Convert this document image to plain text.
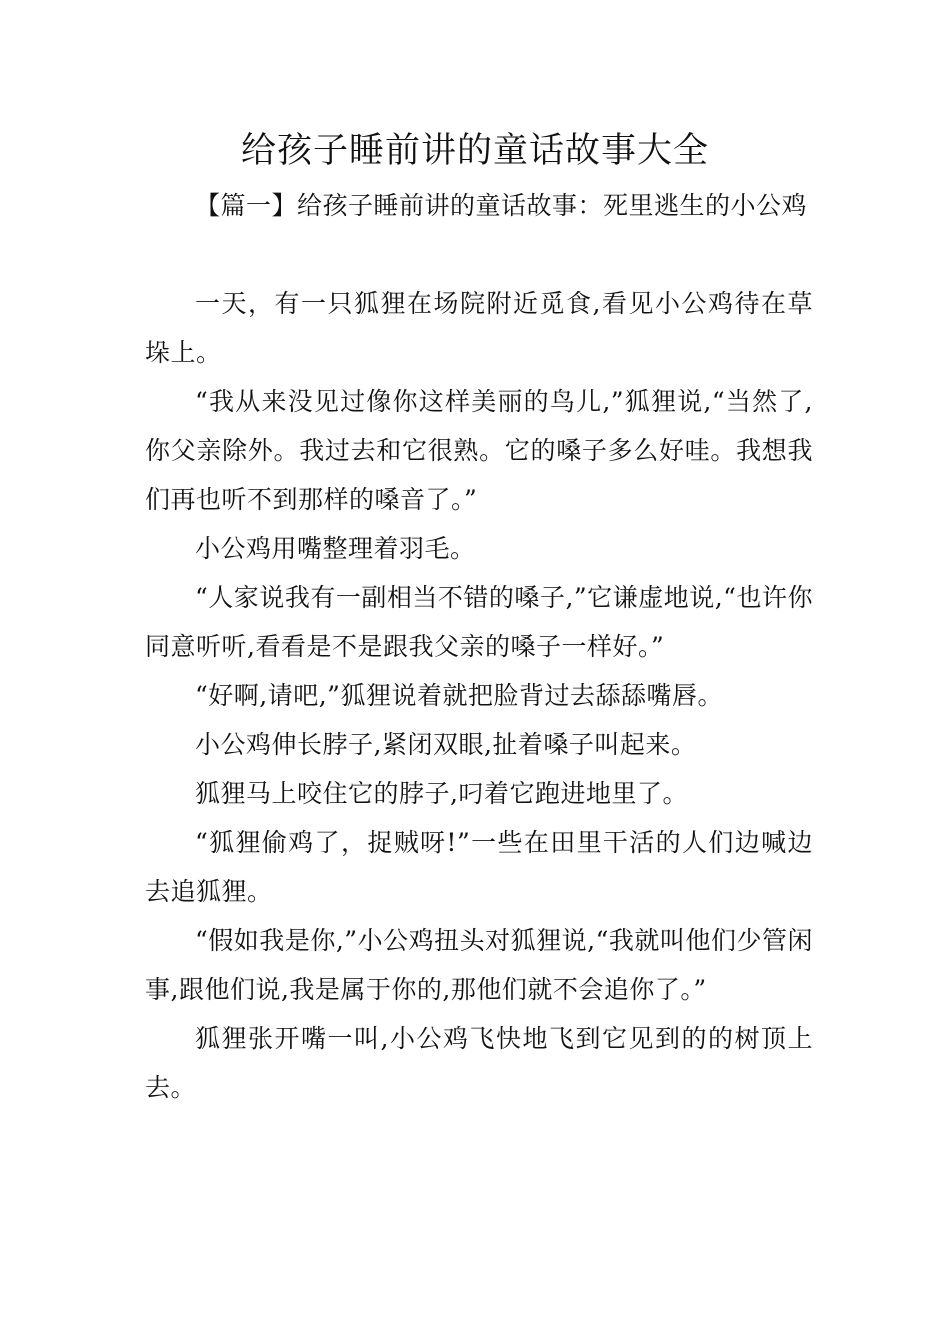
给孩子睡前讲的童话故事大全

【篇一】给孩子睡前讲的童话故事：死里逃生的小公鸡

一天，有一只狐狸在场院附近觅食,看见小公鸡待在草垛上。

“我从来没见过像你这样美丽的鸟儿,”狐狸说,“当然了,你父亲除外。我过去和它很熟。它的嗓子多么好哇。我想我们再也听不到那样的嗓音了。”

小公鸡用嘴整理着羽毛。

“人家说我有一副相当不错的嗓子,”它谦虚地说,“也许你同意听听,看看是不是跟我父亲的嗓子一样好。”

“好啊,请吧,”狐狸说着就把脸背过去舔舔嘴唇。

小公鸡伸长脖子,紧闭双眼,扯着嗓子叫起来。

狐狸马上咬住它的脖子,叼着它跑进地里了。

“狐狸偷鸡了，捉贼呀!”一些在田里干活的人们边喊边去追狐狸。

“假如我是你,”小公鸡扭头对狐狸说,“我就叫他们少管闲事,跟他们说,我是属于你的,那他们就不会追你了。”

狐狸张开嘴一叫,小公鸡飞快地飞到它见到的的树顶上去。
